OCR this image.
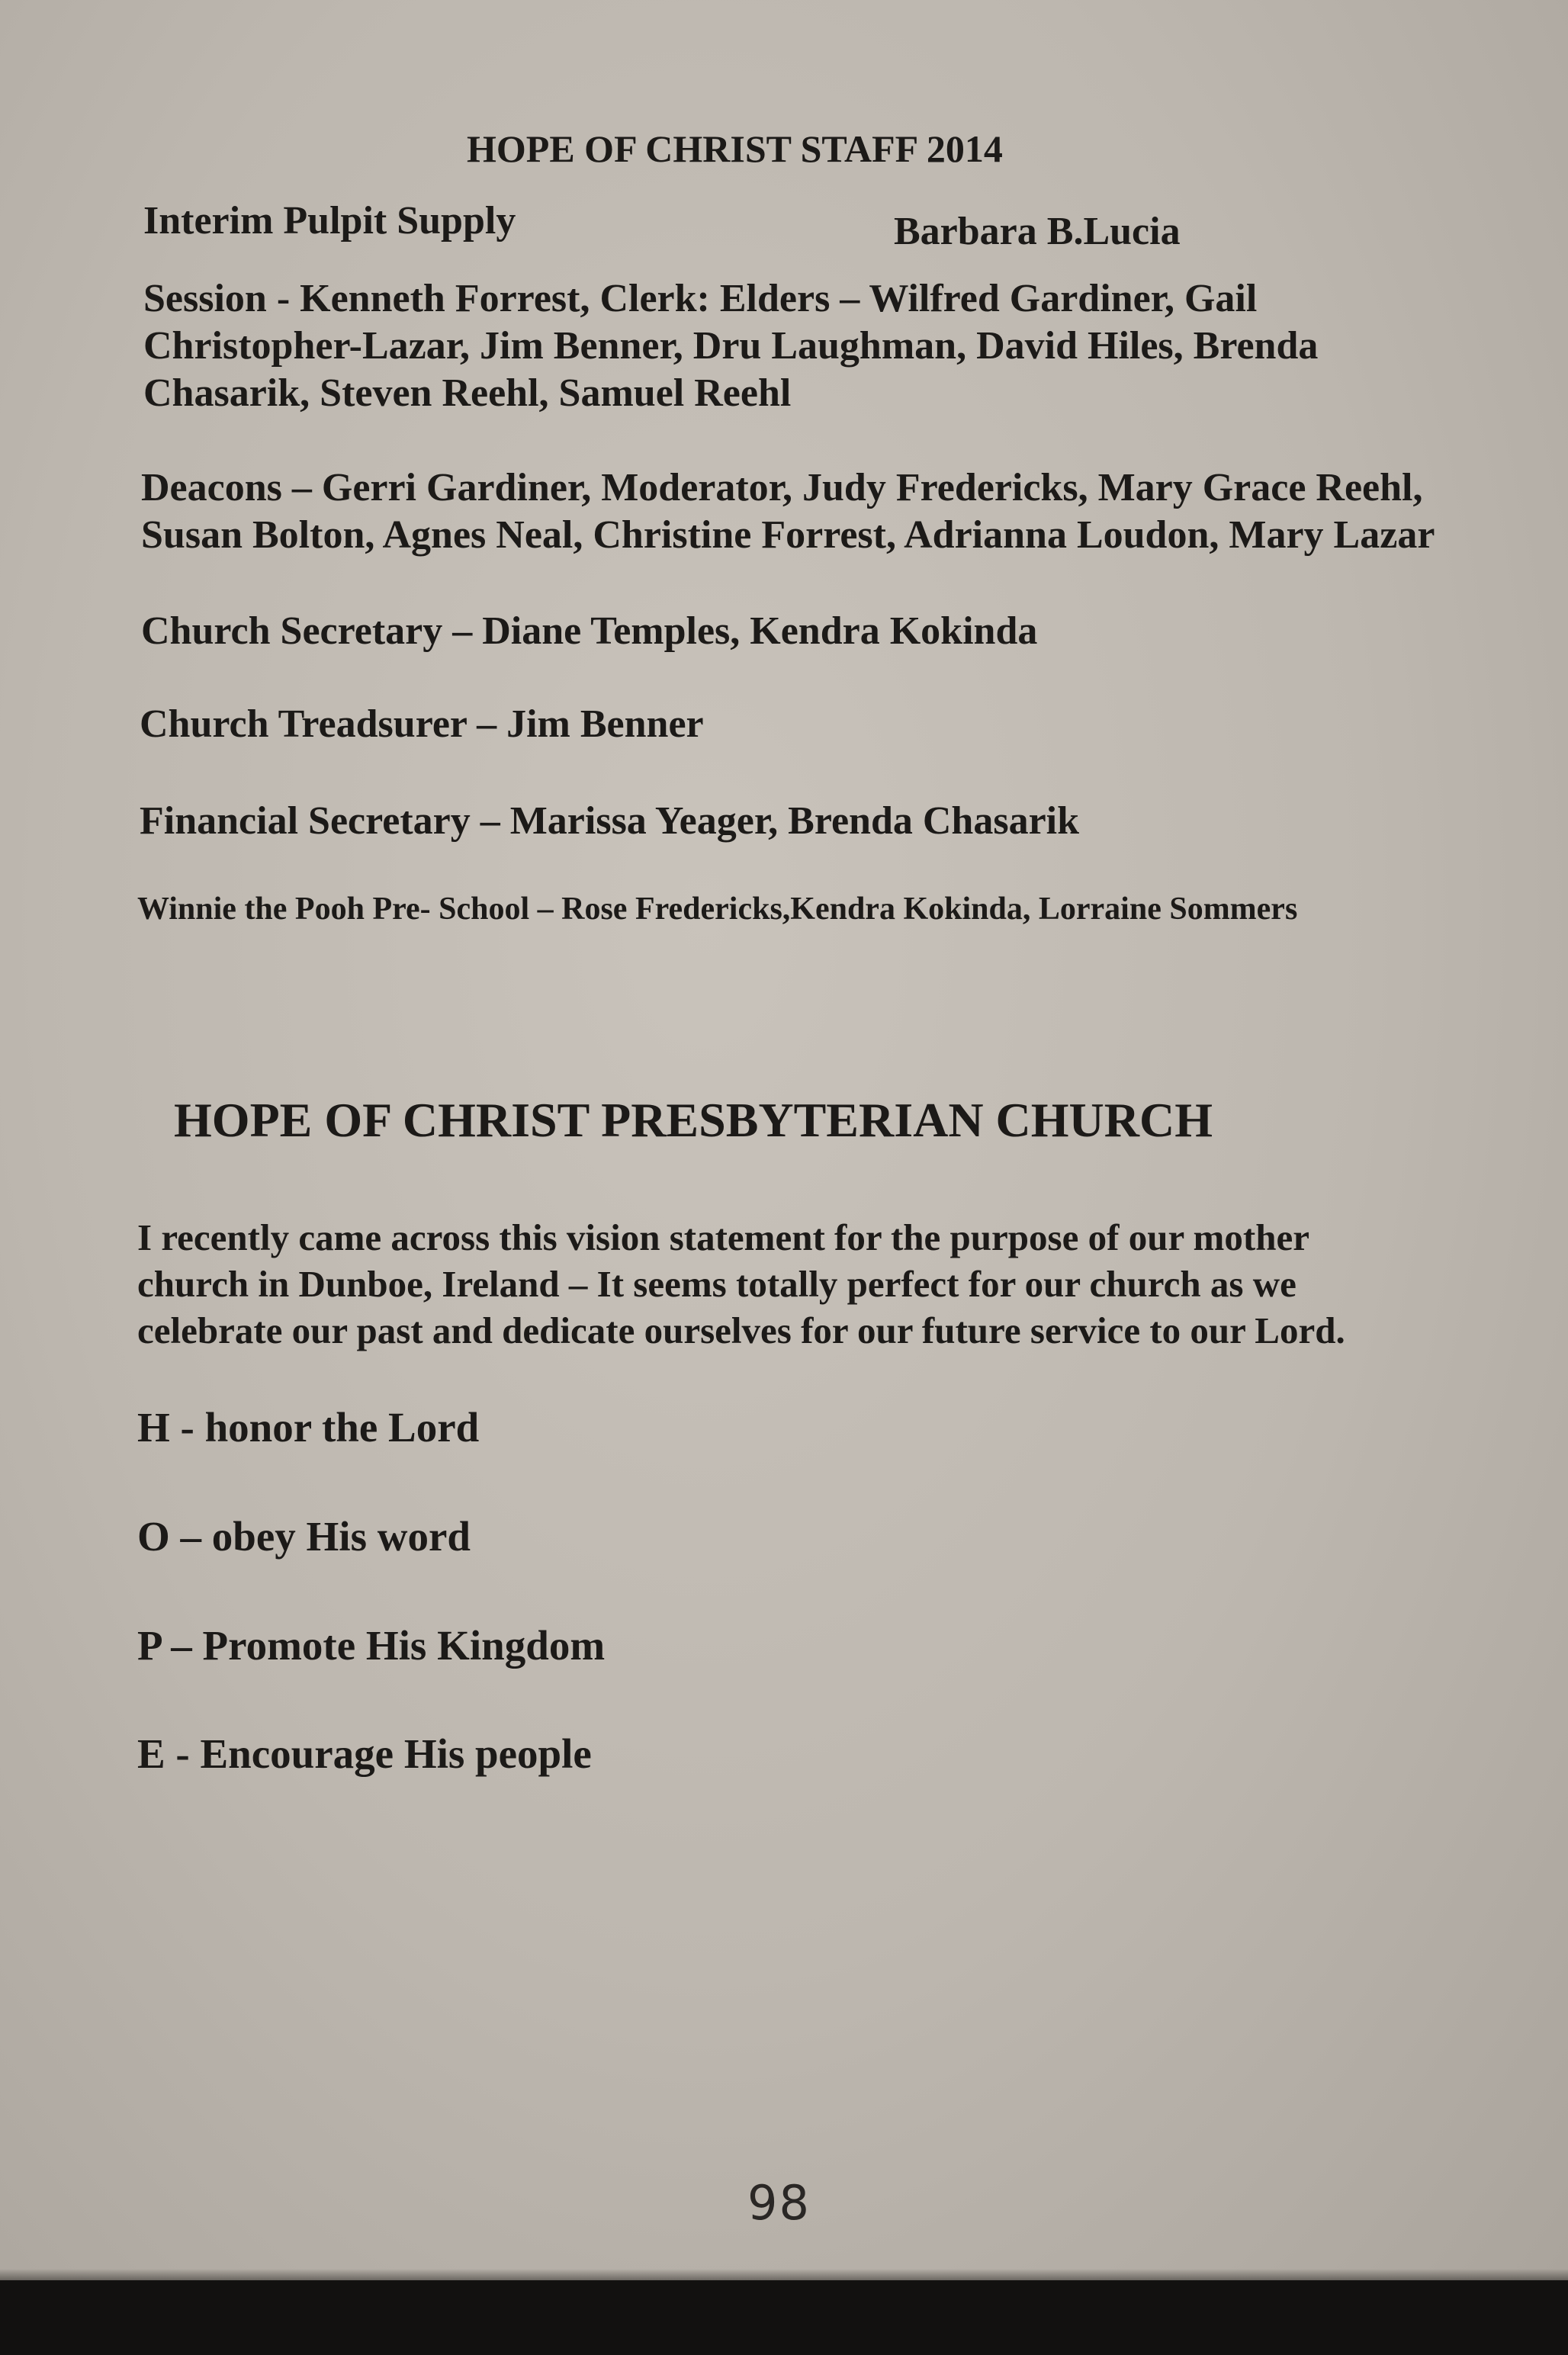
HOPE OF CHRIST STAFF 2014
Interim Pulpit Supply	Barbara B.Lucia
Session - Kenneth Forrest, Clerk: Elders – Wilfred Gardiner, Gail
Christopher-Lazar, Jim Benner, Dru Laughman, David Hiles, Brenda
Chasarik, Steven Reehl, Samuel Reehl
Deacons – Gerri Gardiner, Moderator, Judy Fredericks, Mary Grace Reehl,
Susan Bolton, Agnes Neal, Christine Forrest, Adrianna Loudon, Mary Lazar
Church Secretary – Diane Temples, Kendra Kokinda
Church Treadsurer – Jim Benner
Financial Secretary – Marissa Yeager, Brenda Chasarik
Winnie the Pooh Pre- School – Rose Fredericks,Kendra Kokinda, Lorraine Sommers
HOPE OF CHRIST PRESBYTERIAN CHURCH
I recently came across this vision statement for the purpose of our mother
church in Dunboe, Ireland – It seems totally perfect for our church as we
celebrate our past and dedicate ourselves for our future service to our Lord.
H - honor the Lord
O – obey His word
P – Promote His Kingdom
E - Encourage His people
98
